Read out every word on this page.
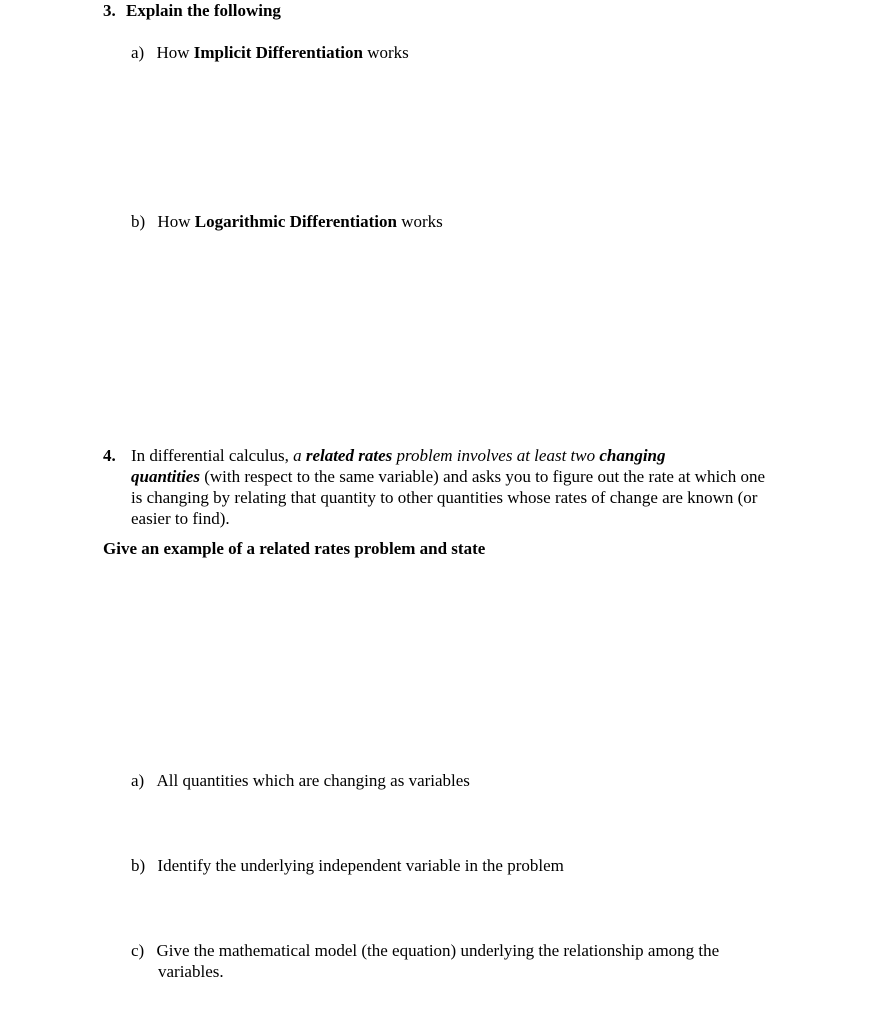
3. Explain the following
a) How Implicit Differentiation works
b) How Logarithmic Differentiation works
4. In differential calculus, a related rates problem involves at least two changing
quantities (with respect to the same variable) and asks you to figure out the rate at which one
is changing by relating that quantity to other quantities whose rates of change are known (or
easier to find).
Give an example of a related rates problem and state
a) All quantities which are changing as variables
b) Identify the underlying independent variable in the problem
c) Give the mathematical model (the equation) underlying the relationship among the
variables.
